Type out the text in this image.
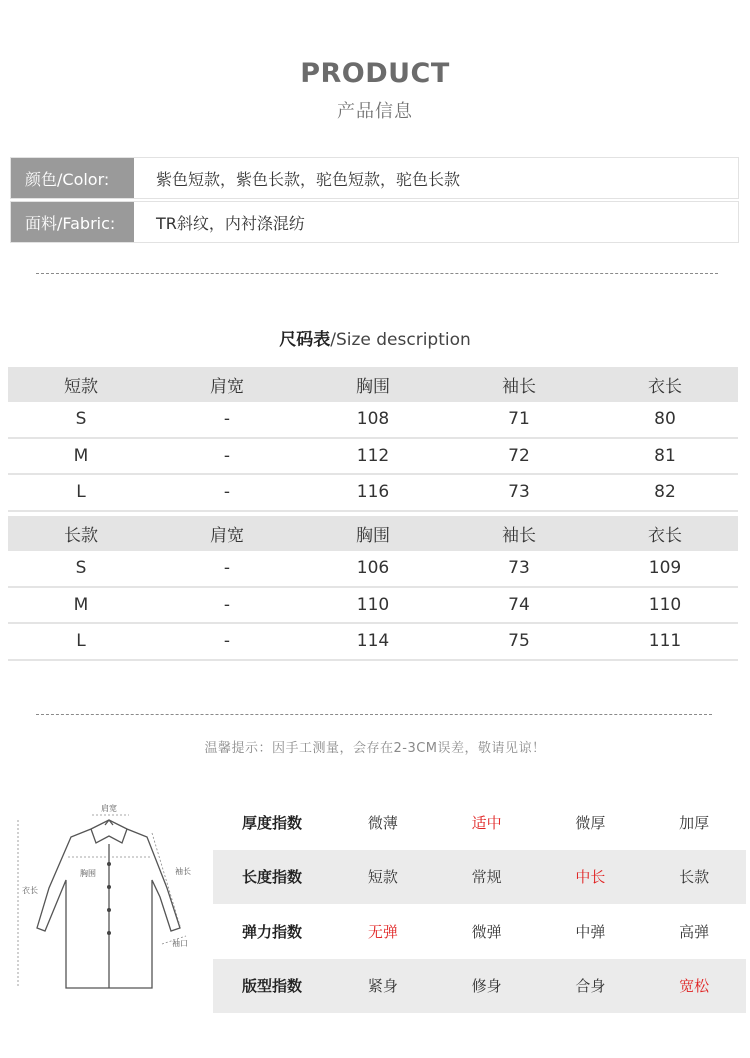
PRODUCT
产品信息
颜色/Color:	紫色短款，紫色长款，驼色短款，驼色长款
面料/Fabric:	TR斜纹，内衬涤混纺
尺码表/Size description
短款	肩宽	胸围	袖长	衣长
S	-	108	71	80
M	-	112	72	81
L	-	116	73	82
长款	肩宽	胸围	袖长	衣长
S	-	106	73	109
M	-	110	74	110
L	-	114	75	111
温馨提示：因手工测量，会存在2-3CM误差，敬请见谅！
肩宽
胸围
衣长
袖长
袖口
厚度指数	微薄	适中	微厚	加厚
长度指数	短款	常规	中长	长款
弹力指数	无弹	微弹	中弹	高弹
版型指数	紧身	修身	合身	宽松
